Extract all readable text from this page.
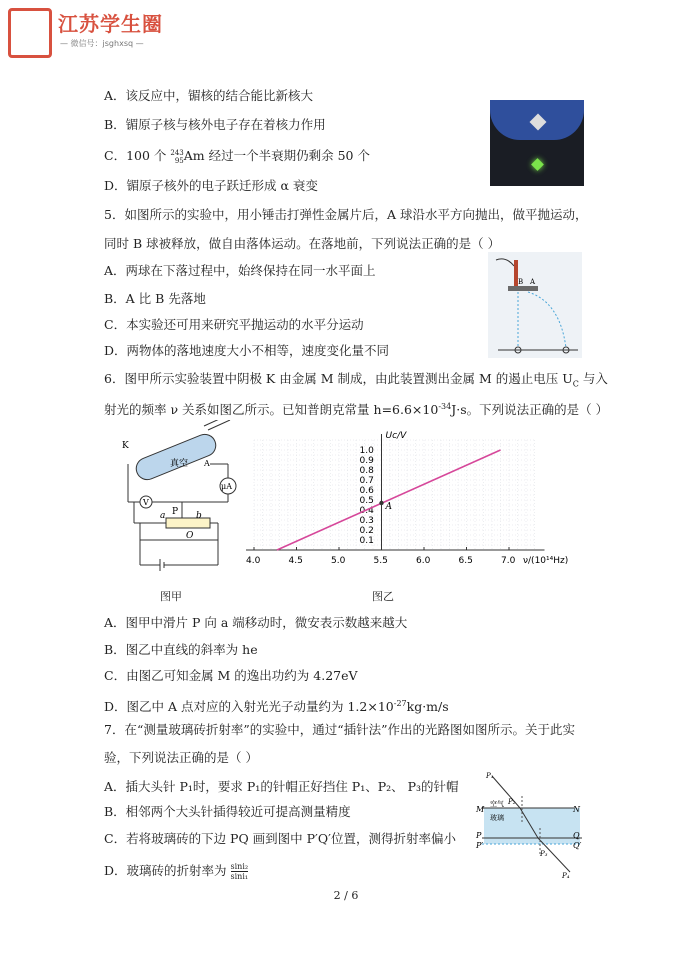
江苏学生圈
— 微信号：jsghxsq —
A．该反应中，镅核的结合能比新核大
B．镅原子核与核外电子存在着核力作用
C．100 个 243
95Am 经过一个半衰期仍剩余 50 个
D．镅原子核外的电子跃迁形成 α 衰变
5．如图所示的实验中，用小锤击打弹性金属片后，A 球沿水平方向抛出，做平抛运动，
同时 B 球被释放，做自由落体运动。在落地前，下列说法正确的是（ ）
A．两球在下落过程中，始终保持在同一水平面上
B．A 比 B 先落地
C．本实验还可用来研究平抛运动的水平分运动
D．两物体的落地速度大小不相等，速度变化量不同
B A
6．图甲所示实验装置中阴极 K 由金属 M 制成，由此装置测出金属 M 的遏止电压 $U_C$ 与入
射光的频率 ν 关系如图乙所示。已知普朗克常量 $h=6.6\times 10^{-34}J\cdot s$。下列说法正确的是（ ）
K
真空 A
V
μA
a P b
O
图甲
4.0	4.5	5.0	5.5	6.0	6.5	7.0
0.1
0.2
0.3
0.4
0.5
0.6
0.7
0.8
0.9
1.0
Uc/V
ν/(10¹⁴Hz)
A
图乙
A．图甲中滑片 P 向 a 端移动时，微安表示数越来越大
B．图乙中直线的斜率为 he
C．由图乙可知金属 M 的逸出功约为 4.27eV
D．图乙中 A 点对应的入射光光子动量约为 $1.2\times 10^{-27}kg\cdot m/s$
7．在“测量玻璃砖折射率”的实验中，通过“插针法”作出的光路图如图所示。关于此实
验，下列说法正确的是（ ）
A．插大头针 P₁时，要求 P₁的针帽正好挡住 P₁、P₂、 P₃的针帽
B．相邻两个大头针插得较近可提高测量精度
C．若将玻璃砖的下边 PQ 画到图中 P′Q′位置，测得折射率偏小
D．玻璃砖的折射率为 $\frac{\text{sini₂}}{\text{sini₁}}$
M	N
空气
玻璃
P	Q
P′	Q′
P₁
P₂
P₃
P₄
2 / 6
